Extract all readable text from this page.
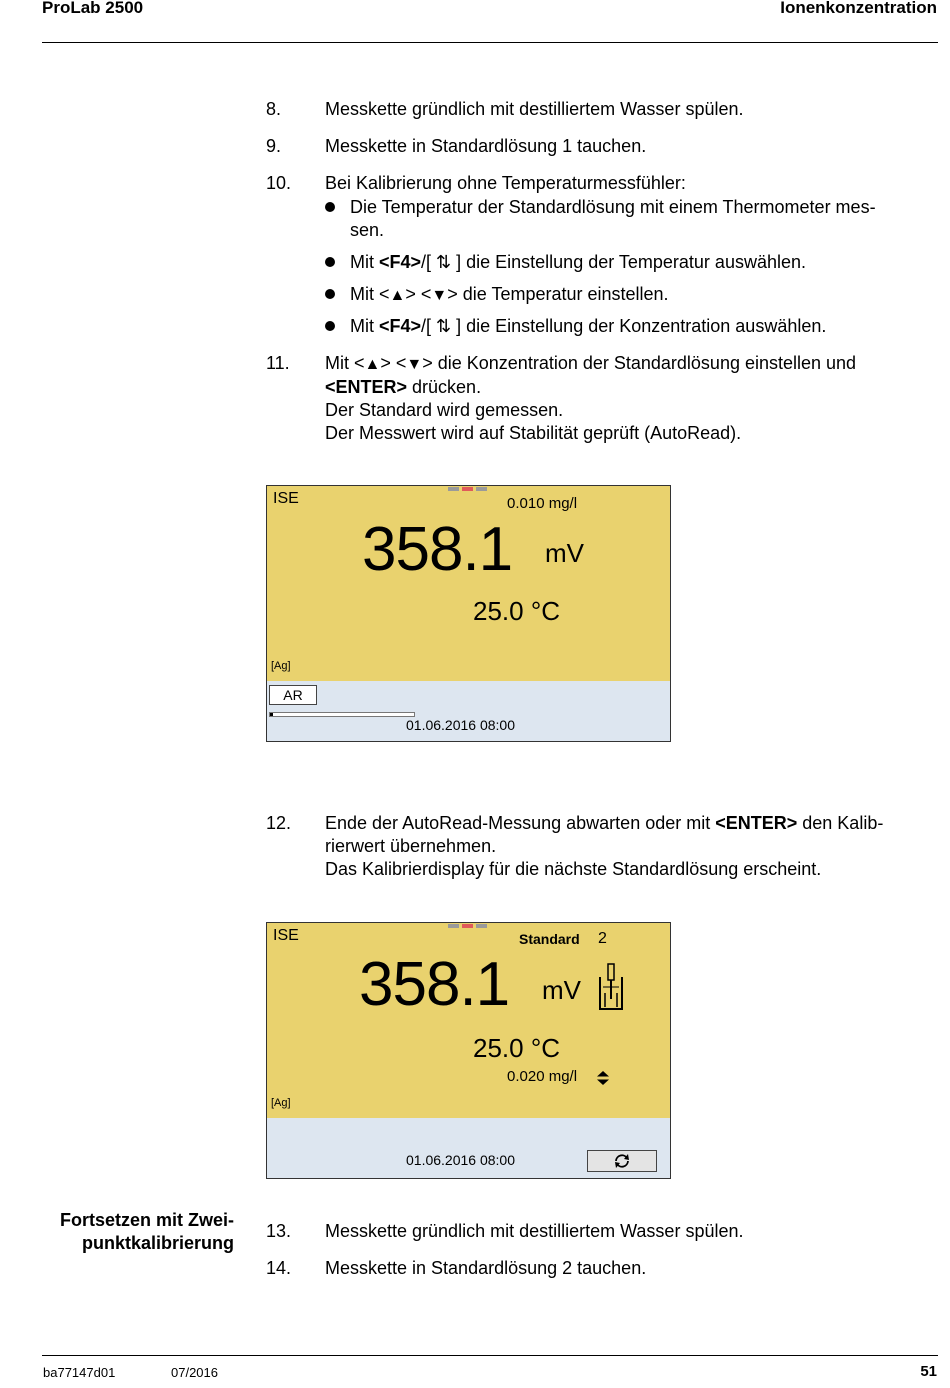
ProLab 2500	Ionenkonzentration
8. Messkette gründlich mit destilliertem Wasser spülen.
9. Messkette in Standardlösung 1 tauchen.
10. Bei Kalibrierung ohne Temperaturmessfühler:
Die Temperatur der Standardlösung mit einem Thermometer mes-
sen.
Mit <F4>/[ ⇅ ] die Einstellung der Temperatur auswählen.
Mit <▲> <▼> die Temperatur einstellen.
Mit <F4>/[ ⇅ ] die Einstellung der Konzentration auswählen.
11. Mit <▲> <▼> die Konzentration der Standardlösung einstellen und
<ENTER> drücken.
Der Standard wird gemessen.
Der Messwert wird auf Stabilität geprüft (AutoRead).
ISE	0.010 mg/l
358.1 mV
25.0 °C
[Ag]
AR
01.06.2016 08:00
12. Ende der AutoRead-Messung abwarten oder mit <ENTER> den Kalib-
rierwert übernehmen.
Das Kalibrierdisplay für die nächste Standardlösung erscheint.
ISE	Standard 2
358.1 mV
25.0 °C
0.020 mg/l
[Ag]
01.06.2016 08:00
Fortsetzen mit Zwei-
punktkalibrierung
13. Messkette gründlich mit destilliertem Wasser spülen.
14. Messkette in Standardlösung 2 tauchen.
ba77147d01	07/2016	51
